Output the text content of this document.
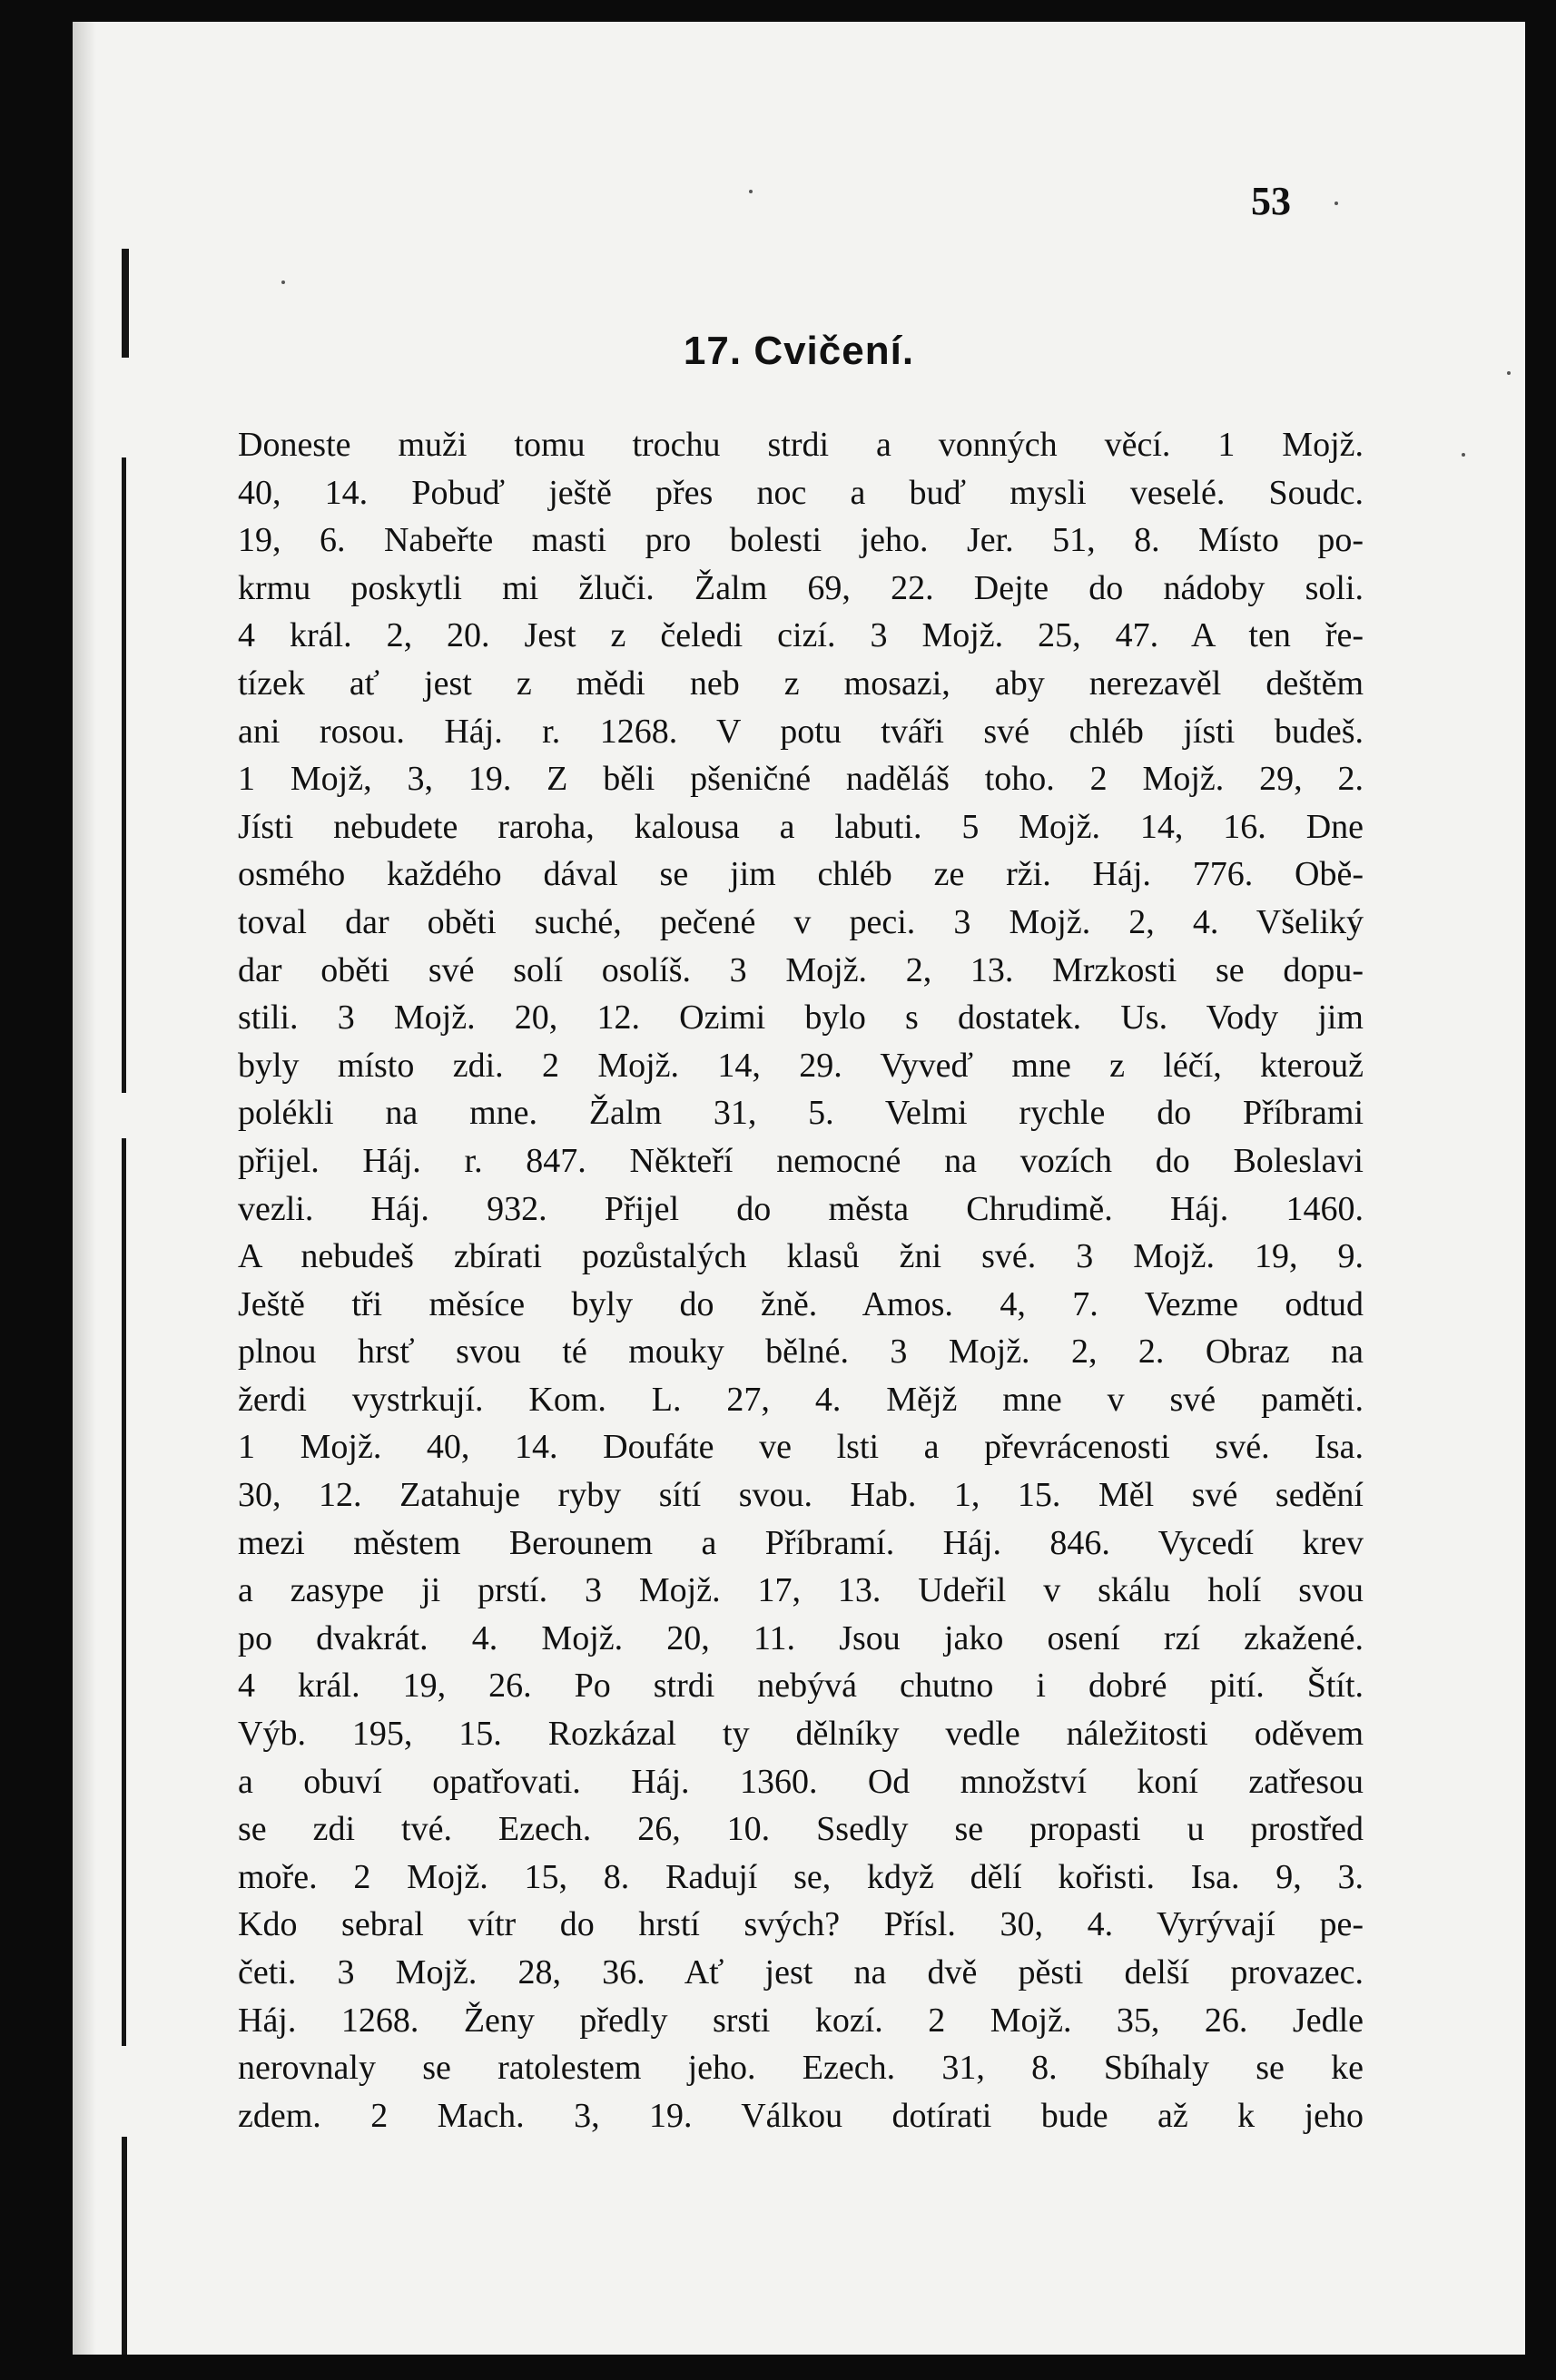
53
17. Cvičení.
Doneste muži tomu trochu strdi a vonných věcí. 1 Mojž.
40, 14. Pobuď ještě přes noc a buď mysli veselé. Soudc.
19, 6. Nabeřte masti pro bolesti jeho. Jer. 51, 8. Místo po-
krmu poskytli mi žluči. Žalm 69, 22. Dejte do nádoby soli.
4 král. 2, 20. Jest z čeledi cizí. 3 Mojž. 25, 47. A ten ře-
tízek ať jest z mědi neb z mosazi, aby nerezavěl deštěm
ani rosou. Háj. r. 1268. V potu tváři své chléb jísti budeš.
1 Mojž, 3, 19. Z běli pšeničné naděláš toho. 2 Mojž. 29, 2.
Jísti nebudete raroha, kalousa a labuti. 5 Mojž. 14, 16. Dne
osmého každého dával se jim chléb ze rži. Háj. 776. Obě-
toval dar oběti suché, pečené v peci. 3 Mojž. 2, 4. Všeliký
dar oběti své solí osolíš. 3 Mojž. 2, 13. Mrzkosti se dopu-
stili. 3 Mojž. 20, 12. Ozimi bylo s dostatek. Us. Vody jim
byly místo zdi. 2 Mojž. 14, 29. Vyveď mne z léčí, kterouž
polékli na mne. Žalm 31, 5. Velmi rychle do Příbrami
přijel. Háj. r. 847. Někteří nemocné na vozích do Boleslavi
vezli. Háj. 932. Přijel do města Chrudimě. Háj. 1460.
A nebudeš zbírati pozůstalých klasů žni své. 3 Mojž. 19, 9.
Ještě tři měsíce byly do žně. Amos. 4, 7. Vezme odtud
plnou hrsť svou té mouky bělné. 3 Mojž. 2, 2. Obraz na
žerdi vystrkují. Kom. L. 27, 4. Mějž mne v své paměti.
1 Mojž. 40, 14. Doufáte ve lsti a převrácenosti své. Isa.
30, 12. Zatahuje ryby sítí svou. Hab. 1, 15. Měl své sedění
mezi městem Berounem a Příbramí. Háj. 846. Vycedí krev
a zasype ji prstí. 3 Mojž. 17, 13. Udeřil v skálu holí svou
po dvakrát. 4. Mojž. 20, 11. Jsou jako osení rzí zkažené.
4 král. 19, 26. Po strdi nebývá chutno i dobré pití. Štít.
Výb. 195, 15. Rozkázal ty dělníky vedle náležitosti oděvem
a obuví opatřovati. Háj. 1360. Od množství koní zatřesou
se zdi tvé. Ezech. 26, 10. Ssedly se propasti u prostřed
moře. 2 Mojž. 15, 8. Radují se, když dělí kořisti. Isa. 9, 3.
Kdo sebral vítr do hrstí svých? Přísl. 30, 4. Vyrývají pe-
četi. 3 Mojž. 28, 36. Ať jest na dvě pěsti delší provazec.
Háj. 1268. Ženy předly srsti kozí. 2 Mojž. 35, 26. Jedle
nerovnaly se ratolestem jeho. Ezech. 31, 8. Sbíhaly se ke
zdem. 2 Mach. 3, 19. Válkou dotírati bude až k jeho
